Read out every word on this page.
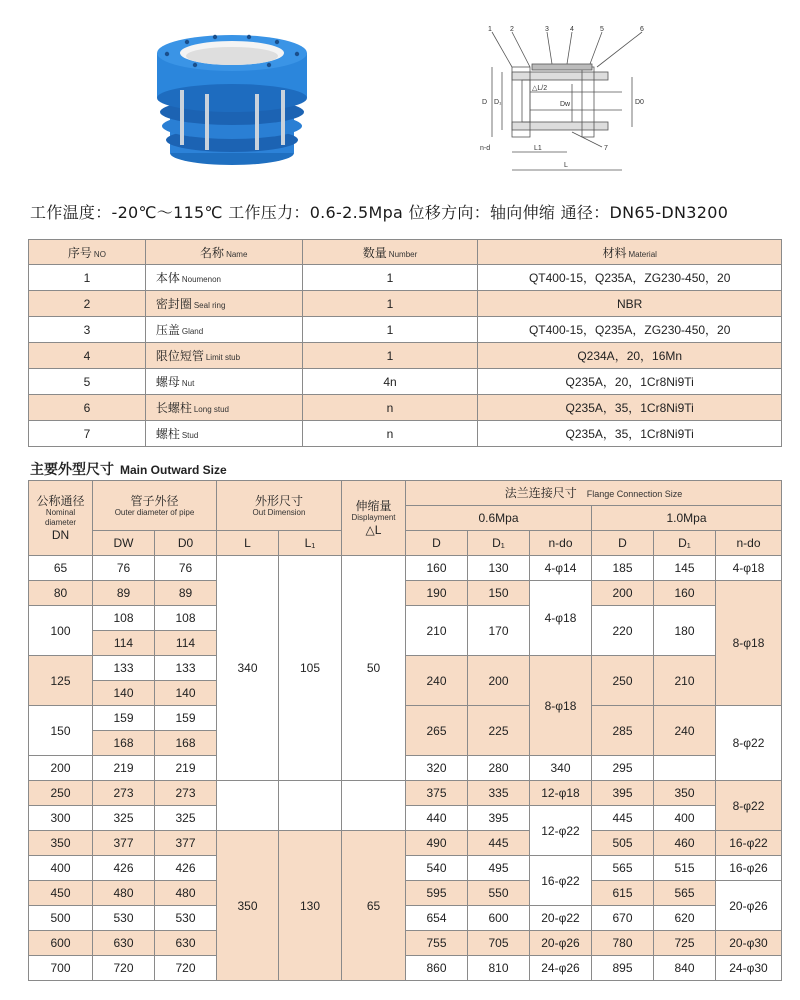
1	2	3	4	5	6
7
D D₁	Dw	D0
△L/2
L1
L
n-d
工作温度：-20℃～115℃ 工作压力：0.6-2.5Mpa 位移方向：轴向伸缩 通径：DN65-DN3200
序号 NO	名称 Name	数量 Number	材料 Material
1	本体 Noumenon	1	QT400-15，Q235A，ZG230-450，20
2	密封圈 Seal ring	1	NBR
3	压盖 Gland	1	QT400-15，Q235A，ZG230-450，20
4	限位短管 Limit stub	1	Q234A，20，16Mn
5	螺母 Nut	4n	Q235A，20，1Cr8Ni9Ti
6	长螺柱 Long stud	n	Q235A，35，1Cr8Ni9Ti
7	螺柱 Stud	n	Q235A，35，1Cr8Ni9Ti
主要外型尺寸 Main Outward Size
公称通径
Nominal
diameter
DN	管子外径
Outer diameter of pipe		外形尺寸
Out Dimension		伸缩量
Displayment
△L	法兰连接尺寸 Flange Connection Size					
						0.6Mpa			1.0Mpa		
	DW	D0	L	L₁		D	D₁	n-do	D	D₁	n-do
65	76	76	340	105	50	160	130	4-φ14	185	145	4-φ18
80	89	89				190	150	4-φ18	200	160	8-φ18
100	108	108				210	170		220	180	
	114	114									
125	133	133				240	200	8-φ18	250	210	
	140	140									
150	159	159				265	225		285	240	8-φ22
	168	168									
200	219	219				320	280	340	295		
250	273	273				375	335	12-φ18	395	350	8-φ22
300	325	325				440	395	12-φ22	445	400	
350	377	377	350	130	65	490	445		505	460	16-φ22
400	426	426				540	495	16-φ22	565	515	16-φ26
450	480	480				595	550		615	565	20-φ26
500	530	530				654	600	20-φ22	670	620	
600	630	630				755	705	20-φ26	780	725	20-φ30
700	720	720				860	810	24-φ26	895	840	24-φ30
